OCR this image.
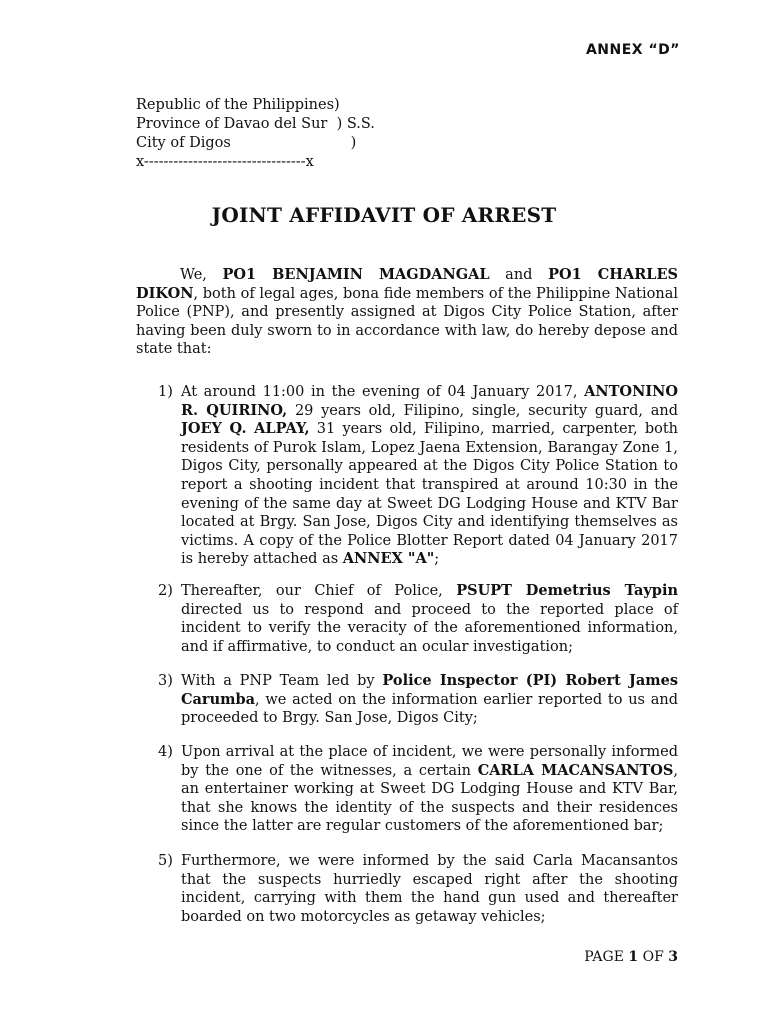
ANNEX “D”
Republic of the Philippines)
Province of Davao del Sur  ) S.S.
City of Digos                          )
x---------------------------------x
JOINT AFFIDAVIT OF ARREST
We, PO1 BENJAMIN MAGDANGAL and PO1 CHARLES DIKON, both of legal ages, bona fide members of the Philippine National Police (PNP), and presently assigned at Digos City Police Station, after having been duly sworn to in accordance with law, do hereby depose and state that:
1) At around 11:00 in the evening of 04 January 2017, ANTONINO R. QUIRINO, 29 years old, Filipino, single, security guard, and JOEY Q. ALPAY, 31 years old, Filipino, married, carpenter, both residents of Purok Islam, Lopez Jaena Extension, Barangay Zone 1, Digos City, personally appeared at the Digos City Police Station to report a shooting incident that transpired at around 10:30 in the evening of the same day at Sweet DG Lodging House and KTV Bar located at Brgy. San Jose, Digos City and identifying themselves as victims. A copy of the Police Blotter Report dated 04 January 2017 is hereby attached as ANNEX "A";
2) Thereafter, our Chief of Police, PSUPT Demetrius Taypin directed us to respond and proceed to the reported place of incident to verify the veracity of the aforementioned information, and if affirmative, to conduct an ocular investigation;
3) With a PNP Team led by Police Inspector (PI) Robert James Carumba, we acted on the information earlier reported to us and proceeded to Brgy. San Jose, Digos City;
4) Upon arrival at the place of incident, we were personally informed by the one of the witnesses, a certain CARLA MACANSANTOS, an entertainer working at Sweet DG Lodging House and KTV Bar, that she knows the identity of the suspects and their residences since the latter are regular customers of the aforementioned bar;
5) Furthermore, we were informed by the said Carla Macansantos that the suspects hurriedly escaped right after the shooting incident, carrying with them the hand gun used and thereafter boarded on two motorcycles as getaway vehicles;
PAGE 1 OF 3
